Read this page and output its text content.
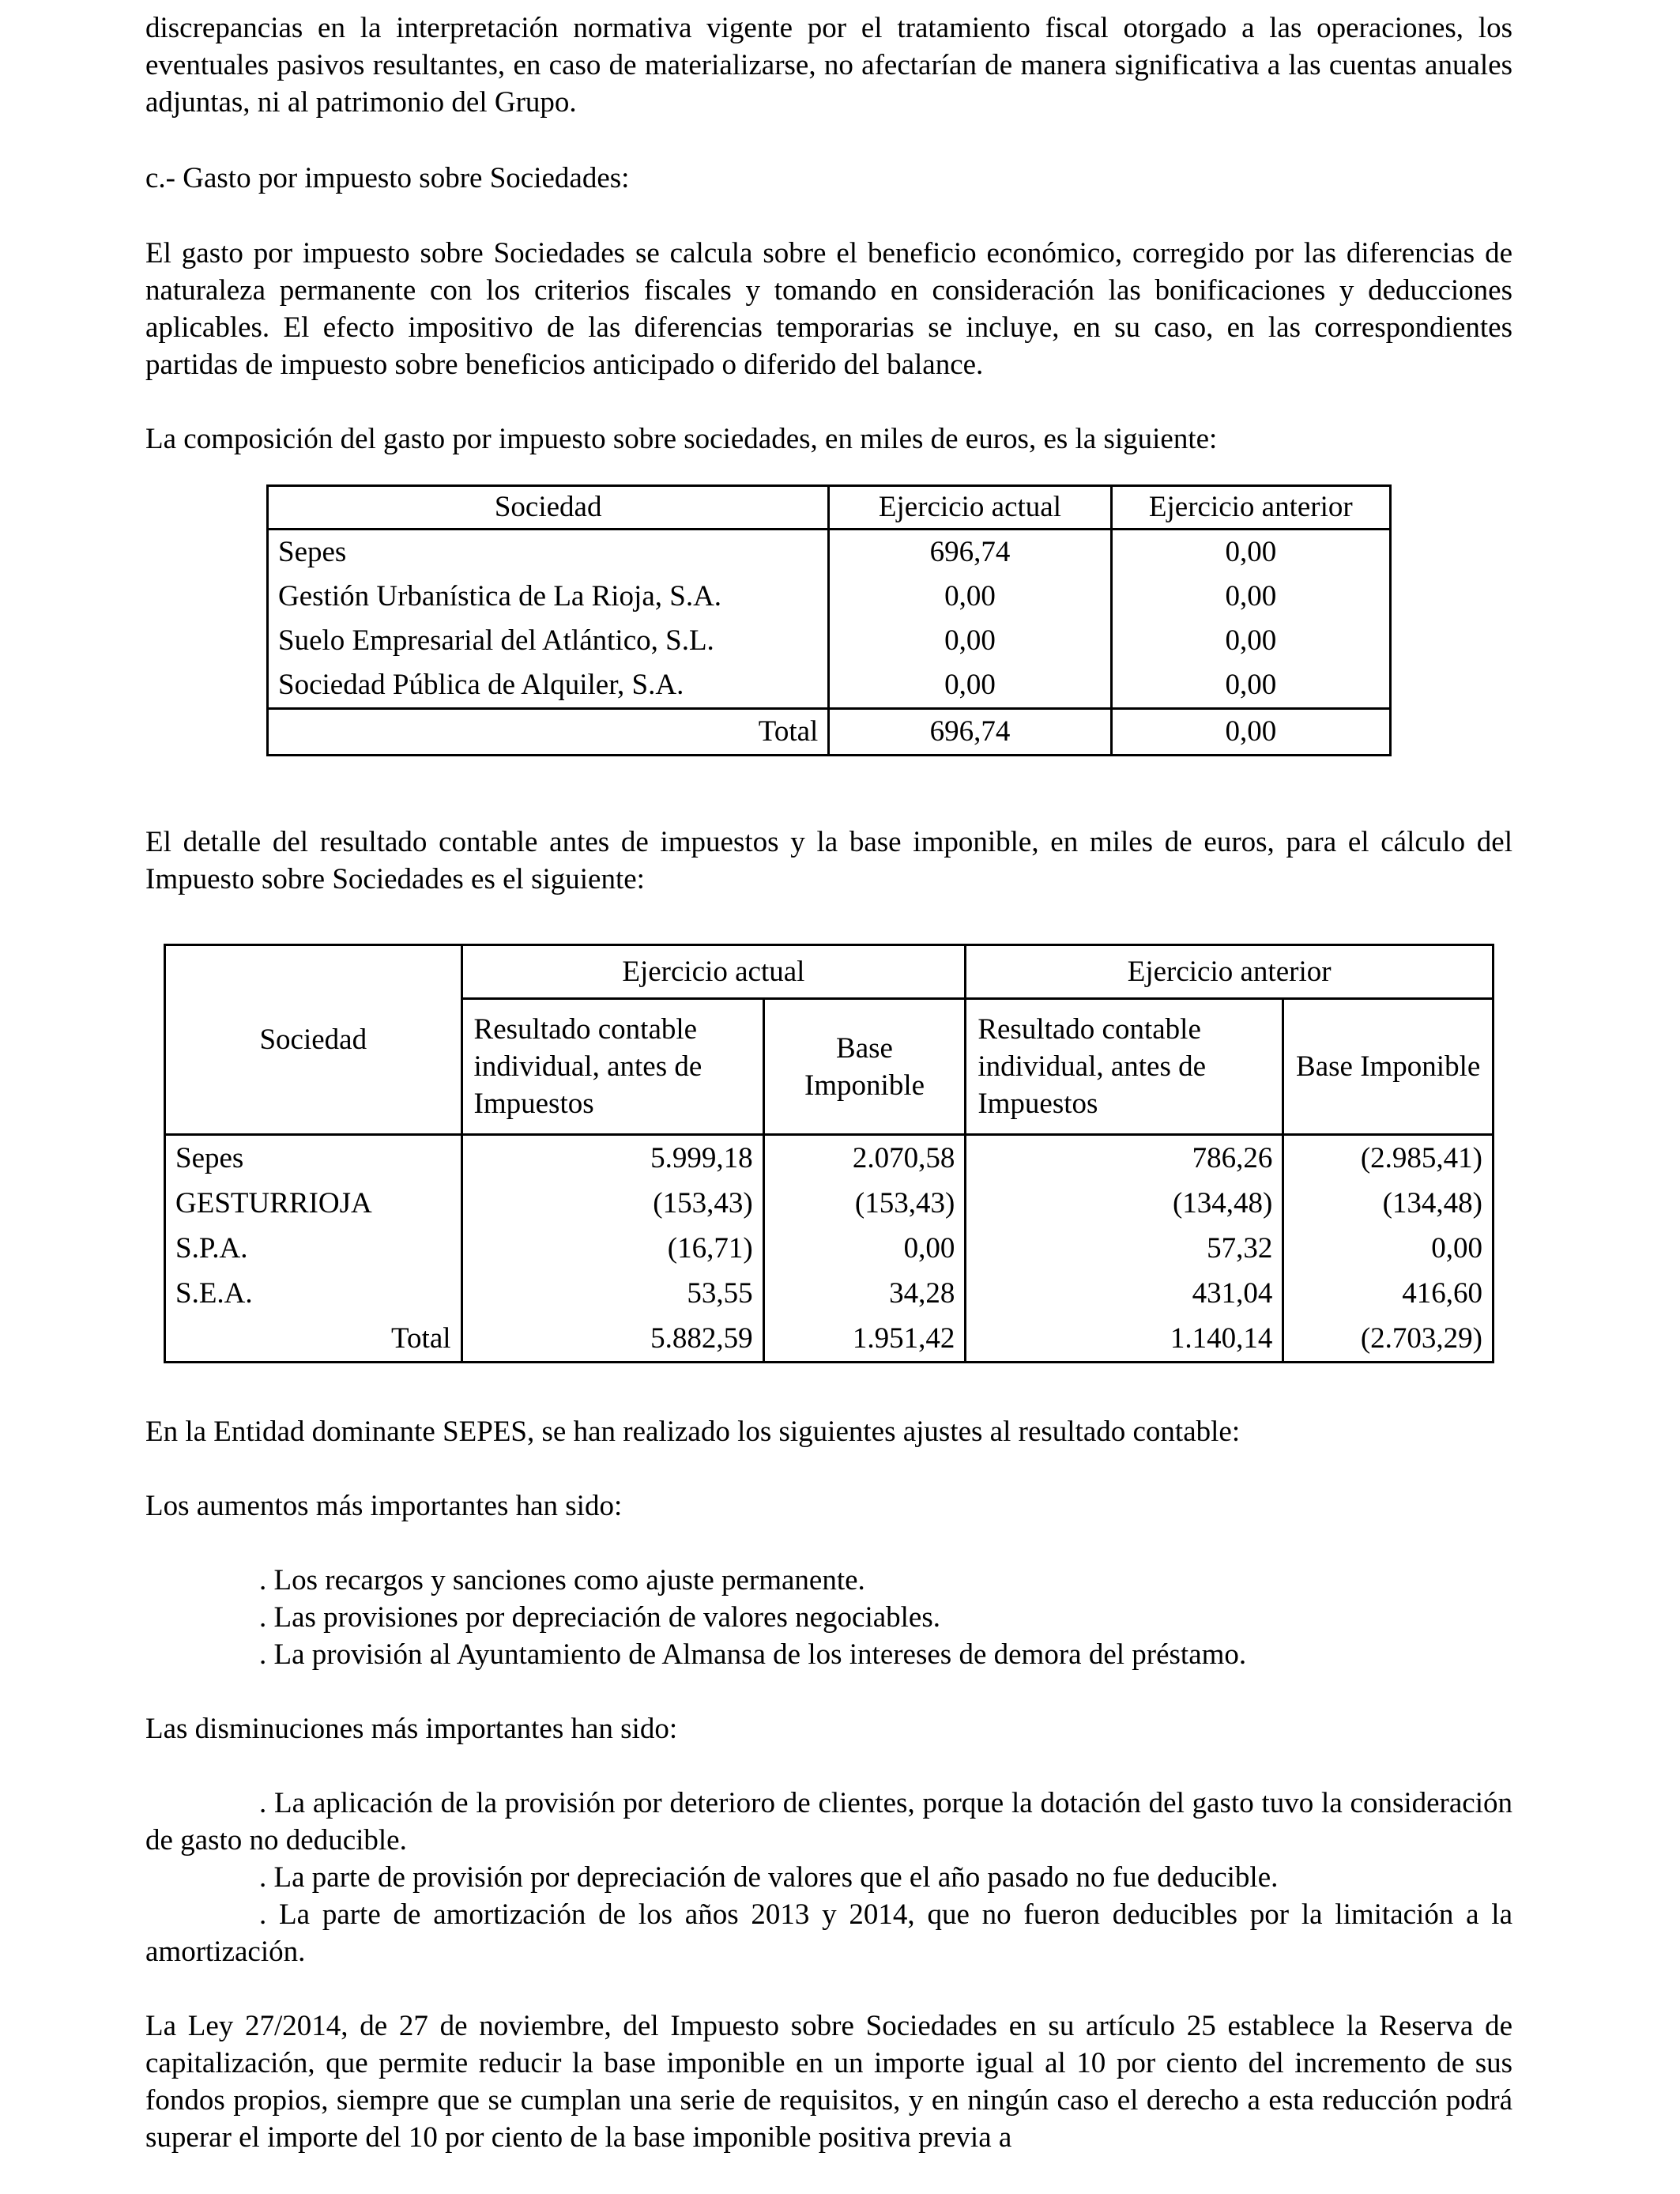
discrepancias en la interpretación normativa vigente por el tratamiento fiscal otorgado a las operaciones, los eventuales pasivos resultantes, en caso de materializarse, no afectarían de manera significativa a las cuentas anuales adjuntas, ni al patrimonio del Grupo.

c.- Gasto por impuesto sobre Sociedades:

El gasto por impuesto sobre Sociedades se calcula sobre el beneficio económico, corregido por las diferencias de naturaleza permanente con los criterios fiscales y tomando en consideración las bonificaciones y deducciones aplicables. El efecto impositivo de las diferencias temporarias se incluye, en su caso, en las correspondientes partidas de impuesto sobre beneficios anticipado o diferido del balance.

La composición del gasto por impuesto sobre sociedades, en miles de euros, es la siguiente:

Sociedad	Ejercicio actual	Ejercicio anterior
Sepes	696,74	0,00
Gestión Urbanística de La Rioja, S.A.	0,00	0,00
Suelo Empresarial del Atlántico, S.L.	0,00	0,00
Sociedad Pública de Alquiler, S.A.	0,00	0,00
Total	696,74	0,00

El detalle del resultado contable antes de impuestos y la base imponible, en miles de euros, para el cálculo del Impuesto sobre Sociedades es el siguiente:

Sociedad	Ejercicio actual		Ejercicio anterior	
	Resultado contable individual, antes de Impuestos	Base Imponible	Resultado contable individual, antes de Impuestos	Base Imponible
Sepes	5.999,18	2.070,58	786,26	(2.985,41)
GESTURRIOJA	(153,43)	(153,43)	(134,48)	(134,48)
S.P.A.	(16,71)	0,00	57,32	0,00
S.E.A.	53,55	34,28	431,04	416,60
Total	5.882,59	1.951,42	1.140,14	(2.703,29)

En la Entidad dominante SEPES, se han realizado los siguientes ajustes al resultado contable:

Los aumentos más importantes han sido:

. Los recargos y sanciones como ajuste permanente.

. Las provisiones por depreciación de valores negociables.

. La provisión al Ayuntamiento de Almansa de los intereses de demora del préstamo.

Las disminuciones más importantes han sido:

. La aplicación de la provisión por deterioro de clientes, porque la dotación del gasto tuvo la consideración de gasto no deducible.

. La parte de provisión por depreciación de valores que el año pasado no fue deducible.

. La parte de amortización de los años 2013 y 2014, que no fueron deducibles por la limitación a la amortización.

La Ley 27/2014, de 27 de noviembre, del Impuesto sobre Sociedades en su artículo 25 establece la Reserva de capitalización, que permite reducir la base imponible en un importe igual al 10 por ciento del incremento de sus fondos propios, siempre que se cumplan una serie de requisitos, y en ningún caso el derecho a esta reducción podrá superar el importe del 10 por ciento de la base imponible positiva previa a
